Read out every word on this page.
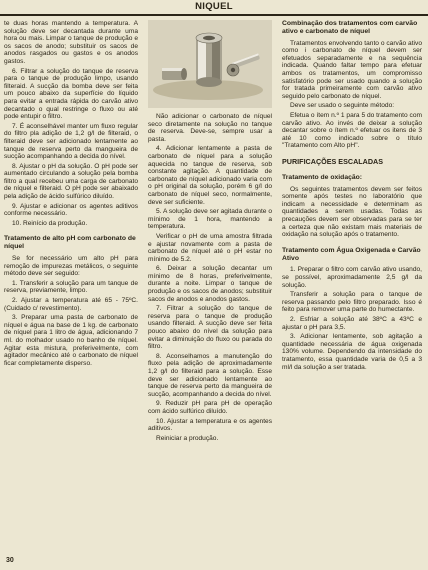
NIQUEL

te duas horas mantendo a temperatura. A solução deve ser decantada durante uma hora ou mais. Limpar o tanque de produção e os sacos de anodo; substituir os sacos de anodos rasgados ou gastos e os anodos gastos.

6. Filtrar a solução do tanque de reserva para o tanque de produção limpo, usando filteraid. A sucção da bomba deve ser feita um pouco abaixo da superfície do líquido para evitar a entrada rápida do carvão ativo decantado o qual restringe o fluxo ou até pode entupir o filtro.

7. É aconselhável manter um fluxo regular do filtro pla adição de 1,2 g/l de filteraid, o filteraid deve ser adicionado lentamente ao tanque de reserva perto da mangueira de sucção acompanhando a decida do nível.

8. Ajustar o pH da solução. O pH pode ser aumentado circulando a solução pela bomba filtro a qual recebeu uma carga de carbonato de níquel e filteraid. O pH pode ser abaixado pela adição de ácido sulfúrico diluído.

9. Ajustar e adicionar os agentes aditivos conforme necessário.

10. Reinício da produção.

Tratamento de alto pH com carbonato de níquel

Se for necessário um alto pH para remoção de impurezas metálicos, o seguinte método deve ser seguido:

1. Transferir a solução para um tanque de reserva, previamente, limpo.

2. Ajustar a temperatura até 65 - 75ºC. (Cuidado c/ revestimento).

3. Preparar uma pasta de carbonato de níquel e água na base de 1 kg. de carbonato de níquel para 1 litro de água, adicionando 7 ml. do molhador usado no banho de níquel. Agitar esta mistura, preferivelmente, com agitador mecânico até o carbonato de níquel ficar completamente disperso.

Não adicionar o carbonato de níquel seco diretamente na solução no tanque de reserva. Deve-se, sempre usar a pasta.

4. Adicionar lentamente a pasta de carbonato de níquel para a solução aquecida no tanque de reserva, sob constante agitação. A quantidade de carbonato de níquel adicionado varia com o pH original da solução, porém 6 g/l do carbonato de níquel seco, normalmente, deve ser suficiente.

5. A solução deve ser agitada durante o mínimo de 1 hora, mantendo a temperatura.

Verificar o pH de uma amostra filtrada e ajustar novamente com a pasta de carbonato de níquel até o pH estar no mínimo de 5.2.

6. Deixar a solução decantar um mínimo de 8 horas, preferivelmente, durante a noite. Limpar o tanque de produção e os sacos de anodos; substituir sacos de anodos e anodos gastos.

7. Filtrar a solução do tanque de reserva para o tanque de produção usando filteraid. A sucção deve ser feita pouco abaixo do nível da solução para evitar a diminuição do fluxo ou parada do filtro.

8. Aconselhamos a manutenção do fluxo pela adição de aproximadamente 1,2 g/l do filteraid para a solução. Esse deve ser adicionado lentamente ao tanque de reserva perto da mangueira de sucção, acompanhando a decida do nível.

9. Reduzir pH para pH de operação com ácido sulfúrico diluído.

10. Ajustar a temperatura e os agentes aditivos.

Reiniciar a produção.

Combinação dos tratamentos com carvão ativo e carbonato de níquel

Tratamentos envolvendo tanto o carvão ativo como i carbonato de níquel devem ser efetuados separadamente e na sequência indicada. Quando faltar tempo para efetuar ambos os tratamentos, um compromisso satisfatório pode ser usado quando a solução for tratada primeiramente com carvão ativo seguido pelo carbonato de níquel.

Deve ser usado o seguinte método:

Efetua o ítem n.º 1 para 5 do tratamento com carvão ativo. Ao invés de deixar a solução decantar sobre o ítem n.º efetuar os itens de 3 até 10 como indicado sobre o título "Tratamento com Alto pH".

PURIFICAÇÕES ESCALADAS
Tratamento de oxidação:

Os seguintes tratamentos devem ser feitos somente após testes no laboratório que indicam a necessidade e determinam as quantidades a serem usadas. Todas as precauções devem ser observadas para se ter a certeza que não existam mais materiais de oxidação na solução após o tratamento.

Tratamento com Água Oxigenada e Carvão Ativo

1. Preparar o filtro com carvão ativo usando, se possível, aproximadamente 2,5 g/l da solução.

Transferir a solução para o tanque de reserva passando pelo filtro preparado. Isso é feito para remover uma parte do humectante.

2. Esfriar a solução até 38ºC a 43ºC e ajustar o pH para 3,5.

3. Adicionar lentamente, sob agitação a quantidade necessária de água oxigenada 130% volume. Dependendo da intensidade do tratamento, essa quantidade varia de 0,5 a 3 ml/l da solução a ser tratada.

30
